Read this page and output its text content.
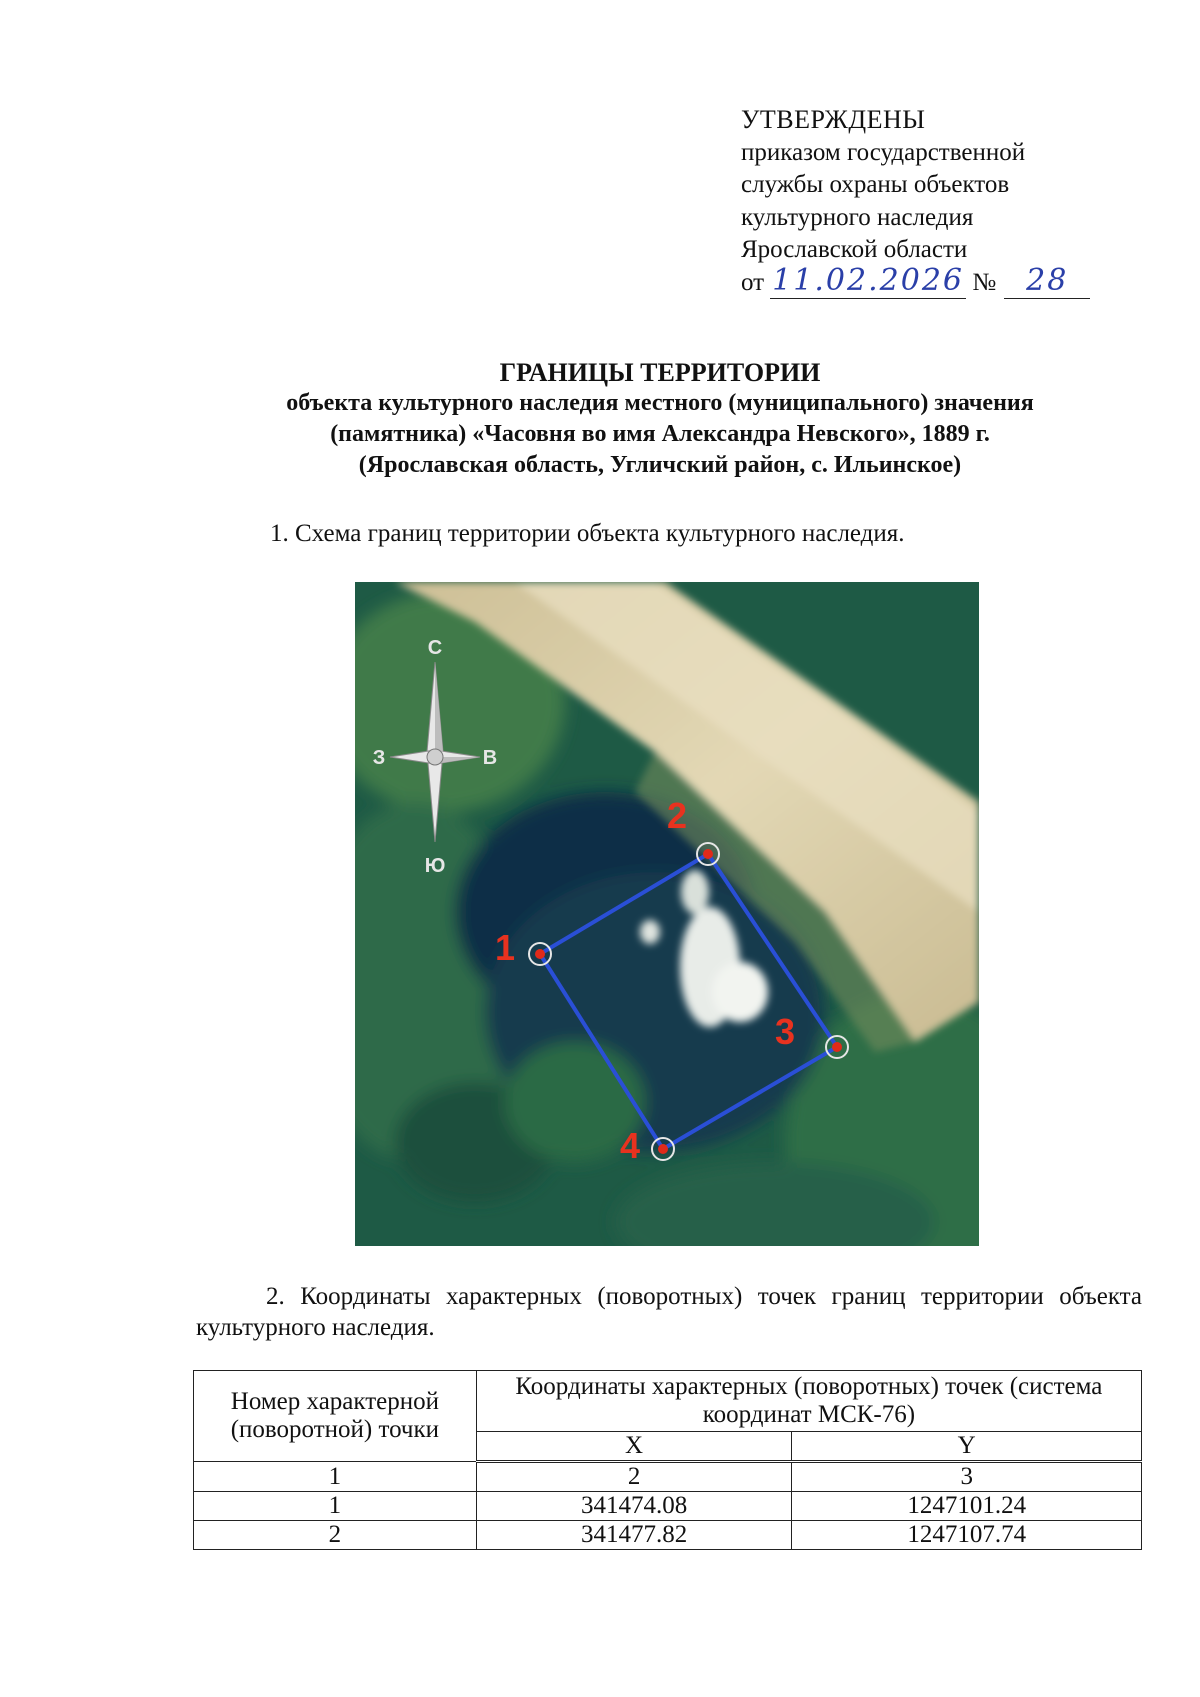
УТВЕРЖДЕНЫ
приказом государственной
службы охраны объектов
культурного наследия
Ярославской области
от 11.02.2026 № 28
ГРАНИЦЫ ТЕРРИТОРИИ
объекта культурного наследия местного (муниципального) значения
(памятника) «Часовня во имя Александра Невского», 1889 г.
(Ярославская область, Угличский район, с. Ильинское)
1. Схема границ территории объекта культурного наследия.
С
Ю
З	В
1
2
3
4
2. Координаты характерных (поворотных) точек границ территории объекта культурного наследия.
Номер характерной (поворотной) точки	Координаты характерных (поворотных) точек (система координат МСК-76)	
	X	Y
1	2	3
1	341474.08	1247101.24
2	341477.82	1247107.74
